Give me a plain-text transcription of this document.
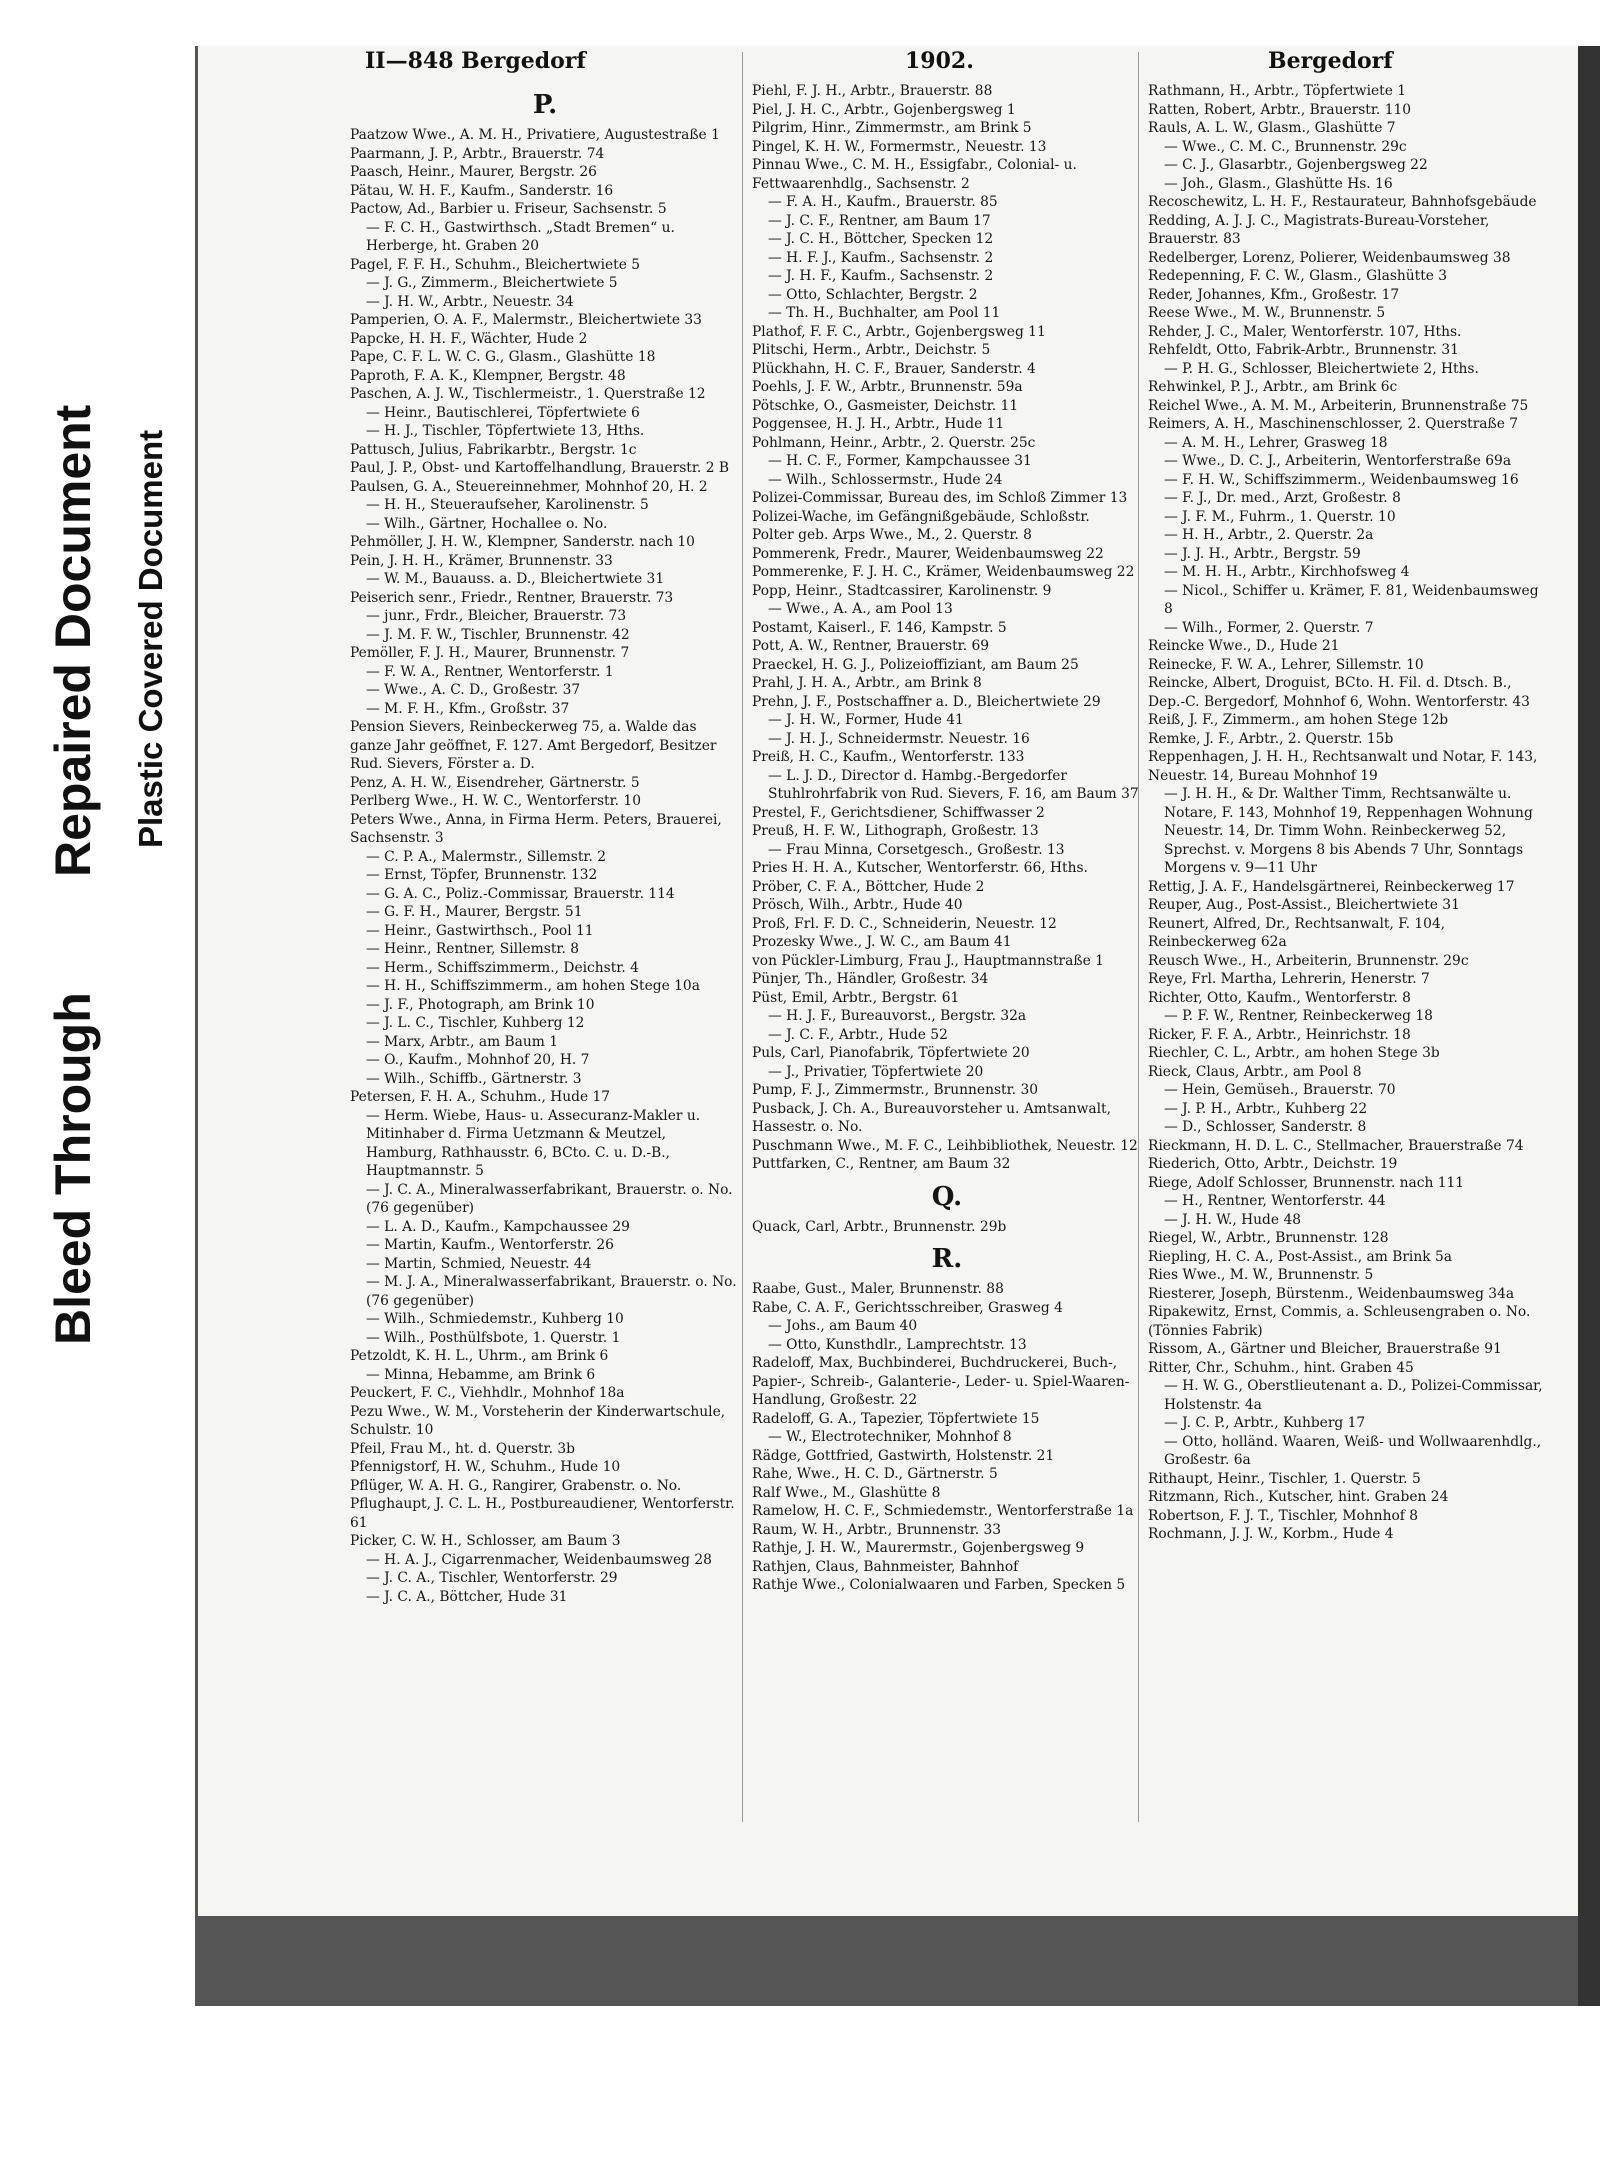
Bleed Through
Repaired Document Plastic Covered Document
II—848 Bergedorf	1902.	Bergedorf
P.

Paatzow Wwe., A. M. H., Privatiere, Augustestraße 1

Paarmann, J. P., Arbtr., Brauerstr. 74

Paasch, Heinr., Maurer, Bergstr. 26

Pätau, W. H. F., Kaufm., Sanderstr. 16

Pactow, Ad., Barbier u. Friseur, Sachsenstr. 5

— F. C. H., Gastwirthsch. „Stadt Bremen“ u. Herberge, ht. Graben 20

Pagel, F. F. H., Schuhm., Bleichertwiete 5

— J. G., Zimmerm., Bleichertwiete 5

— J. H. W., Arbtr., Neuestr. 34

Pamperien, O. A. F., Malermstr., Bleichertwiete 33

Papcke, H. H. F., Wächter, Hude 2

Pape, C. F. L. W. C. G., Glasm., Glashütte 18

Paproth, F. A. K., Klempner, Bergstr. 48

Paschen, A. J. W., Tischlermeistr., 1. Querstraße 12

— Heinr., Bautischlerei, Töpfertwiete 6

— H. J., Tischler, Töpfertwiete 13, Hths.

Pattusch, Julius, Fabrikarbtr., Bergstr. 1c

Paul, J. P., Obst- und Kartoffelhandlung, Brauerstr. 2 B

Paulsen, G. A., Steuereinnehmer, Mohnhof 20, H. 2

— H. H., Steueraufseher, Karolinenstr. 5

— Wilh., Gärtner, Hochallee o. No.

Pehmöller, J. H. W., Klempner, Sanderstr. nach 10

Pein, J. H. H., Krämer, Brunnenstr. 33

— W. M., Bauauss. a. D., Bleichertwiete 31

Peiserich senr., Friedr., Rentner, Brauerstr. 73

— junr., Frdr., Bleicher, Brauerstr. 73

— J. M. F. W., Tischler, Brunnenstr. 42

Pemöller, F. J. H., Maurer, Brunnenstr. 7

— F. W. A., Rentner, Wentorferstr. 1

— Wwe., A. C. D., Großestr. 37

— M. F. H., Kfm., Großstr. 37

Pension Sievers, Reinbeckerweg 75, a. Walde das ganze Jahr geöffnet, F. 127. Amt Bergedorf, Besitzer Rud. Sievers, Förster a. D.

Penz, A. H. W., Eisendreher, Gärtnerstr. 5

Perlberg Wwe., H. W. C., Wentorferstr. 10

Peters Wwe., Anna, in Firma Herm. Peters, Brauerei, Sachsenstr. 3

— C. P. A., Malermstr., Sillemstr. 2

— Ernst, Töpfer, Brunnenstr. 132

— G. A. C., Poliz.-Commissar, Brauerstr. 114

— G. F. H., Maurer, Bergstr. 51

— Heinr., Gastwirthsch., Pool 11

— Heinr., Rentner, Sillemstr. 8

— Herm., Schiffszimmerm., Deichstr. 4

— H. H., Schiffszimmerm., am hohen Stege 10a

— J. F., Photograph, am Brink 10

— J. L. C., Tischler, Kuhberg 12

— Marx, Arbtr., am Baum 1

— O., Kaufm., Mohnhof 20, H. 7

— Wilh., Schiffb., Gärtnerstr. 3

Petersen, F. H. A., Schuhm., Hude 17

— Herm. Wiebe, Haus- u. Assecuranz-Makler u. Mitinhaber d. Firma Uetzmann & Meutzel, Hamburg, Rathhausstr. 6, BCto. C. u. D.-B., Hauptmannstr. 5

— J. C. A., Mineralwasserfabrikant, Brauerstr. o. No. (76 gegenüber)

— L. A. D., Kaufm., Kampchaussee 29

— Martin, Kaufm., Wentorferstr. 26

— Martin, Schmied, Neuestr. 44

— M. J. A., Mineralwasserfabrikant, Brauerstr. o. No. (76 gegenüber)

— Wilh., Schmiedemstr., Kuhberg 10

— Wilh., Posthülfsbote, 1. Querstr. 1

Petzoldt, K. H. L., Uhrm., am Brink 6

— Minna, Hebamme, am Brink 6

Peuckert, F. C., Viehhdlr., Mohnhof 18a

Pezu Wwe., W. M., Vorsteherin der Kinderwartschule, Schulstr. 10

Pfeil, Frau M., ht. d. Querstr. 3b

Pfennigstorf, H. W., Schuhm., Hude 10

Pflüger, W. A. H. G., Rangirer, Grabenstr. o. No.

Pflughaupt, J. C. L. H., Postbureaudiener, Wentorferstr. 61

Picker, C. W. H., Schlosser, am Baum 3

— H. A. J., Cigarrenmacher, Weidenbaumsweg 28

— J. C. A., Tischler, Wentorferstr. 29

— J. C. A., Böttcher, Hude 31

Piehl, F. J. H., Arbtr., Brauerstr. 88

Piel, J. H. C., Arbtr., Gojenbergsweg 1

Pilgrim, Hinr., Zimmermstr., am Brink 5

Pingel, K. H. W., Formermstr., Neuestr. 13

Pinnau Wwe., C. M. H., Essigfabr., Colonial- u. Fettwaarenhdlg., Sachsenstr. 2

— F. A. H., Kaufm., Brauerstr. 85

— J. C. F., Rentner, am Baum 17

— J. C. H., Böttcher, Specken 12

— H. F. J., Kaufm., Sachsenstr. 2

— J. H. F., Kaufm., Sachsenstr. 2

— Otto, Schlachter, Bergstr. 2

— Th. H., Buchhalter, am Pool 11

Plathof, F. F. C., Arbtr., Gojenbergsweg 11

Plitschi, Herm., Arbtr., Deichstr. 5

Plückhahn, H. C. F., Brauer, Sanderstr. 4

Poehls, J. F. W., Arbtr., Brunnenstr. 59a

Pötschke, O., Gasmeister, Deichstr. 11

Poggensee, H. J. H., Arbtr., Hude 11

Pohlmann, Heinr., Arbtr., 2. Querstr. 25c

— H. C. F., Former, Kampchaussee 31

— Wilh., Schlossermstr., Hude 24

Polizei-Commissar, Bureau des, im Schloß Zimmer 13

Polizei-Wache, im Gefängnißgebäude, Schloßstr.

Polter geb. Arps Wwe., M., 2. Querstr. 8

Pommerenk, Fredr., Maurer, Weidenbaumsweg 22

Pommerenke, F. J. H. C., Krämer, Weidenbaumsweg 22

Popp, Heinr., Stadtcassirer, Karolinenstr. 9

— Wwe., A. A., am Pool 13

Postamt, Kaiserl., F. 146, Kampstr. 5

Pott, A. W., Rentner, Brauerstr. 69

Praeckel, H. G. J., Polizeioffiziant, am Baum 25

Prahl, J. H. A., Arbtr., am Brink 8

Prehn, J. F., Postschaffner a. D., Bleichertwiete 29

— J. H. W., Former, Hude 41

— J. H. J., Schneidermstr. Neuestr. 16

Preiß, H. C., Kaufm., Wentorferstr. 133

— L. J. D., Director d. Hambg.-Bergedorfer Stuhlrohrfabrik von Rud. Sievers, F. 16, am Baum 37

Prestel, F., Gerichtsdiener, Schiffwasser 2

Preuß, H. F. W., Lithograph, Großestr. 13

— Frau Minna, Corsetgesch., Großestr. 13

Pries H. H. A., Kutscher, Wentorferstr. 66, Hths.

Pröber, C. F. A., Böttcher, Hude 2

Prösch, Wilh., Arbtr., Hude 40

Proß, Frl. F. D. C., Schneiderin, Neuestr. 12

Prozesky Wwe., J. W. C., am Baum 41

von Pückler-Limburg, Frau J., Hauptmannstraße 1

Pünjer, Th., Händler, Großestr. 34

Püst, Emil, Arbtr., Bergstr. 61

— H. J. F., Bureauvorst., Bergstr. 32a

— J. C. F., Arbtr., Hude 52

Puls, Carl, Pianofabrik, Töpfertwiete 20

— J., Privatier, Töpfertwiete 20

Pump, F. J., Zimmermstr., Brunnenstr. 30

Pusback, J. Ch. A., Bureauvorsteher u. Amtsanwalt, Hassestr. o. No.

Puschmann Wwe., M. F. C., Leihbibliothek, Neuestr. 12

Puttfarken, C., Rentner, am Baum 32

Q.

Quack, Carl, Arbtr., Brunnenstr. 29b

R.

Raabe, Gust., Maler, Brunnenstr. 88

Rabe, C. A. F., Gerichtsschreiber, Grasweg 4

— Johs., am Baum 40

— Otto, Kunsthdlr., Lamprechtstr. 13

Radeloff, Max, Buchbinderei, Buchdruckerei, Buch-, Papier-, Schreib-, Galanterie-, Leder- u. Spiel-Waaren-Handlung, Großestr. 22

Radeloff, G. A., Tapezier, Töpfertwiete 15

— W., Electrotechniker, Mohnhof 8

Rädge, Gottfried, Gastwirth, Holstenstr. 21

Rahe, Wwe., H. C. D., Gärtnerstr. 5

Ralf Wwe., M., Glashütte 8

Ramelow, H. C. F., Schmiedemstr., Wentorferstraße 1a

Raum, W. H., Arbtr., Brunnenstr. 33

Rathje, J. H. W., Maurermstr., Gojenbergsweg 9

Rathjen, Claus, Bahnmeister, Bahnhof

Rathje Wwe., Colonialwaaren und Farben, Specken 5

Rathmann, H., Arbtr., Töpfertwiete 1

Ratten, Robert, Arbtr., Brauerstr. 110

Rauls, A. L. W., Glasm., Glashütte 7

— Wwe., C. M. C., Brunnenstr. 29c

— C. J., Glasarbtr., Gojenbergsweg 22

— Joh., Glasm., Glashütte Hs. 16

Recoschewitz, L. H. F., Restaurateur, Bahnhofsgebäude

Redding, A. J. J. C., Magistrats-Bureau-Vorsteher, Brauerstr. 83

Redelberger, Lorenz, Polierer, Weidenbaumsweg 38

Redepenning, F. C. W., Glasm., Glashütte 3

Reder, Johannes, Kfm., Großestr. 17

Reese Wwe., M. W., Brunnenstr. 5

Rehder, J. C., Maler, Wentorferstr. 107, Hths.

Rehfeldt, Otto, Fabrik-Arbtr., Brunnenstr. 31

— P. H. G., Schlosser, Bleichertwiete 2, Hths.

Rehwinkel, P. J., Arbtr., am Brink 6c

Reichel Wwe., A. M. M., Arbeiterin, Brunnenstraße 75

Reimers, A. H., Maschinenschlosser, 2. Querstraße 7

— A. M. H., Lehrer, Grasweg 18

— Wwe., D. C. J., Arbeiterin, Wentorferstraße 69a

— F. H. W., Schiffszimmerm., Weidenbaumsweg 16

— F. J., Dr. med., Arzt, Großestr. 8

— J. F. M., Fuhrm., 1. Querstr. 10

— H. H., Arbtr., 2. Querstr. 2a

— J. J. H., Arbtr., Bergstr. 59

— M. H. H., Arbtr., Kirchhofsweg 4

— Nicol., Schiffer u. Krämer, F. 81, Weidenbaumsweg 8

— Wilh., Former, 2. Querstr. 7

Reincke Wwe., D., Hude 21

Reinecke, F. W. A., Lehrer, Sillemstr. 10

Reincke, Albert, Droguist, BCto. H. Fil. d. Dtsch. B., Dep.-C. Bergedorf, Mohnhof 6, Wohn. Wentorferstr. 43

Reiß, J. F., Zimmerm., am hohen Stege 12b

Remke, J. F., Arbtr., 2. Querstr. 15b

Reppenhagen, J. H. H., Rechtsanwalt und Notar, F. 143, Neuestr. 14, Bureau Mohnhof 19

— J. H. H., & Dr. Walther Timm, Rechtsanwälte u. Notare, F. 143, Mohnhof 19, Reppenhagen Wohnung Neuestr. 14, Dr. Timm Wohn. Reinbeckerweg 52, Sprechst. v. Morgens 8 bis Abends 7 Uhr, Sonntags Morgens v. 9—11 Uhr

Rettig, J. A. F., Handelsgärtnerei, Reinbeckerweg 17

Reuper, Aug., Post-Assist., Bleichertwiete 31

Reunert, Alfred, Dr., Rechtsanwalt, F. 104, Reinbeckerweg 62a

Reusch Wwe., H., Arbeiterin, Brunnenstr. 29c

Reye, Frl. Martha, Lehrerin, Henerstr. 7

Richter, Otto, Kaufm., Wentorferstr. 8

— P. F. W., Rentner, Reinbeckerweg 18

Ricker, F. F. A., Arbtr., Heinrichstr. 18

Riechler, C. L., Arbtr., am hohen Stege 3b

Rieck, Claus, Arbtr., am Pool 8

— Hein, Gemüseh., Brauerstr. 70

— J. P. H., Arbtr., Kuhberg 22

— D., Schlosser, Sanderstr. 8

Rieckmann, H. D. L. C., Stellmacher, Brauerstraße 74

Riederich, Otto, Arbtr., Deichstr. 19

Riege, Adolf Schlosser, Brunnenstr. nach 111

— H., Rentner, Wentorferstr. 44

— J. H. W., Hude 48

Riegel, W., Arbtr., Brunnenstr. 128

Riepling, H. C. A., Post-Assist., am Brink 5a

Ries Wwe., M. W., Brunnenstr. 5

Riesterer, Joseph, Bürstenm., Weidenbaumsweg 34a

Ripakewitz, Ernst, Commis, a. Schleusengraben o. No. (Tönnies Fabrik)

Rissom, A., Gärtner und Bleicher, Brauerstraße 91

Ritter, Chr., Schuhm., hint. Graben 45

— H. W. G., Oberstlieutenant a. D., Polizei-Commissar, Holstenstr. 4a

— J. C. P., Arbtr., Kuhberg 17

— Otto, holländ. Waaren, Weiß- und Wollwaarenhdlg., Großestr. 6a

Rithaupt, Heinr., Tischler, 1. Querstr. 5

Ritzmann, Rich., Kutscher, hint. Graben 24

Robertson, F. J. T., Tischler, Mohnhof 8

Rochmann, J. J. W., Korbm., Hude 4
